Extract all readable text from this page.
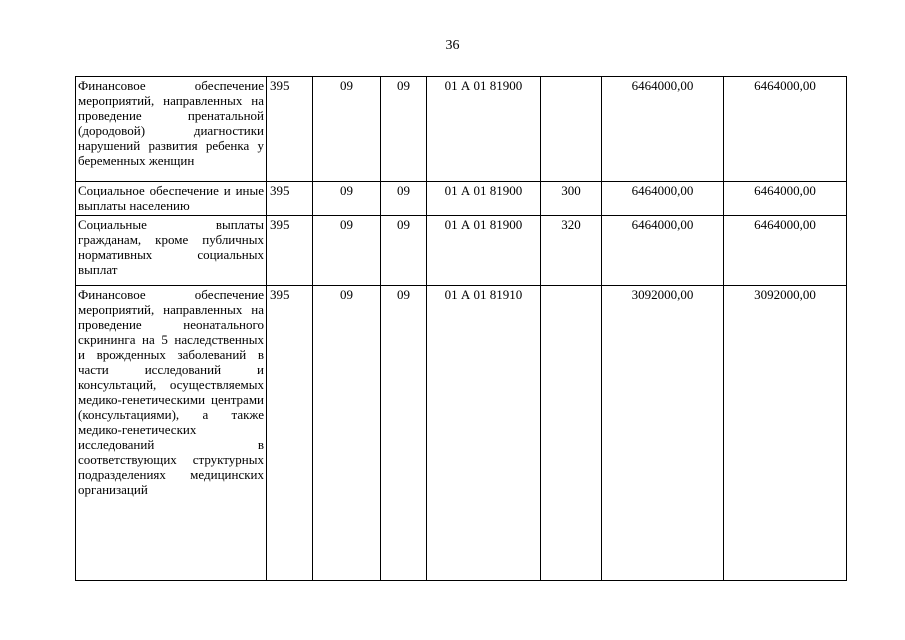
36
Финансовое обеспечение мероприятий, направленных на проведение пренатальной (дородовой) диагностики нарушений развития ребенка у беременных женщин	395	09	09	01 А 01 81900		6464000,00	6464000,00
Социальное обеспечение и иные выплаты населению	395	09	09	01 А 01 81900	300	6464000,00	6464000,00
Социальные выплаты гражданам, кроме публичных нормативных социальных выплат	395	09	09	01 А 01 81900	320	6464000,00	6464000,00
Финансовое обеспечение мероприятий, направленных на проведение неонатального скрининга на 5 наследственных и врожденных заболеваний в части исследований и консультаций, осуществляемых медико-генетическими центрами (консультациями), а также медико-генетических исследований в соответствующих структурных подразделениях медицинских организаций	395	09	09	01 А 01 81910		3092000,00	3092000,00
